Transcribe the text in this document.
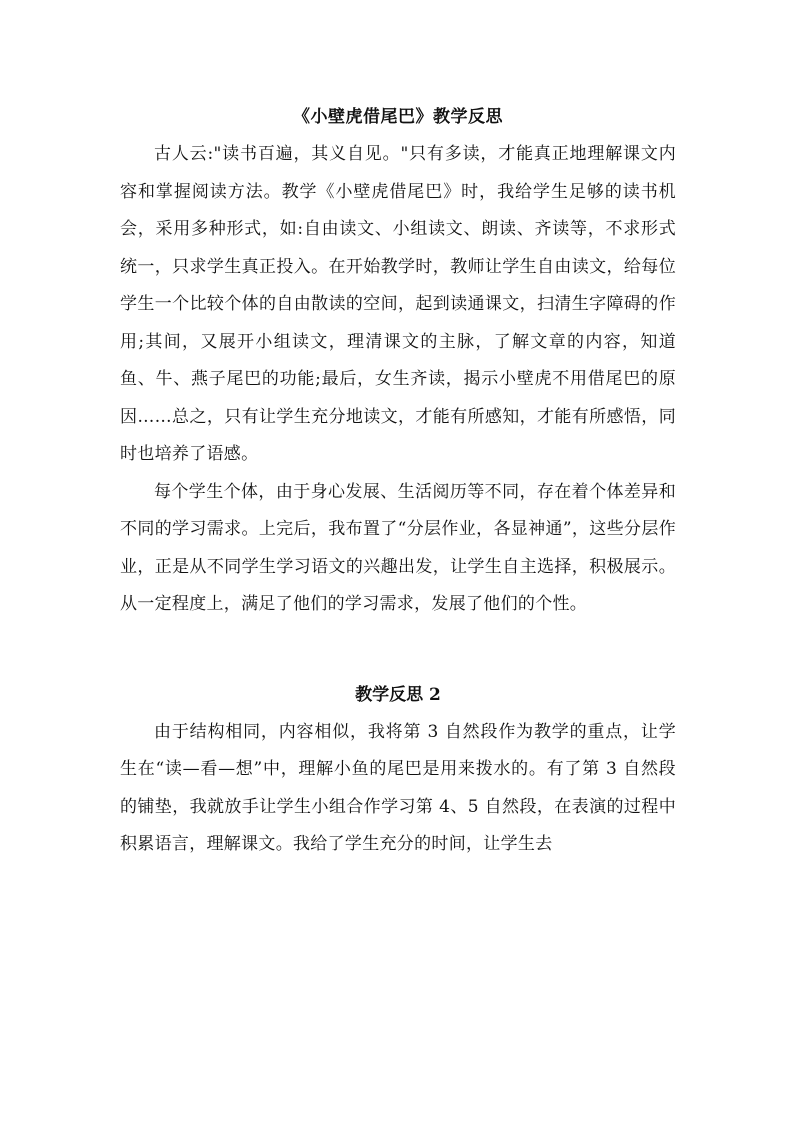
《小壁虎借尾巴》教学反思

古人云:"读书百遍，其义自见。"只有多读，才能真正地理解课文内容和掌握阅读方法。教学《小壁虎借尾巴》时，我给学生足够的读书机会，采用多种形式，如:自由读文、小组读文、朗读、齐读等，不求形式统一，只求学生真正投入。在开始教学时，教师让学生自由读文，给每位学生一个比较个体的自由散读的空间，起到读通课文，扫清生字障碍的作用;其间，又展开小组读文，理清课文的主脉，了解文章的内容，知道鱼、牛、燕子尾巴的功能;最后，女生齐读，揭示小壁虎不用借尾巴的原因……总之，只有让学生充分地读文，才能有所感知，才能有所感悟，同时也培养了语感。

每个学生个体，由于身心发展、生活阅历等不同，存在着个体差异和不同的学习需求。上完后，我布置了“分层作业，各显神通”，这些分层作业，正是从不同学生学习语文的兴趣出发，让学生自主选择，积极展示。从一定程度上，满足了他们的学习需求，发展了他们的个性。

教学反思 2

由于结构相同，内容相似，我将第 3 自然段作为教学的重点，让学生在“读—看—想”中，理解小鱼的尾巴是用来拨水的。有了第 3 自然段的铺垫，我就放手让学生小组合作学习第 4、5 自然段，在表演的过程中积累语言，理解课文。我给了学生充分的时间，让学生去
